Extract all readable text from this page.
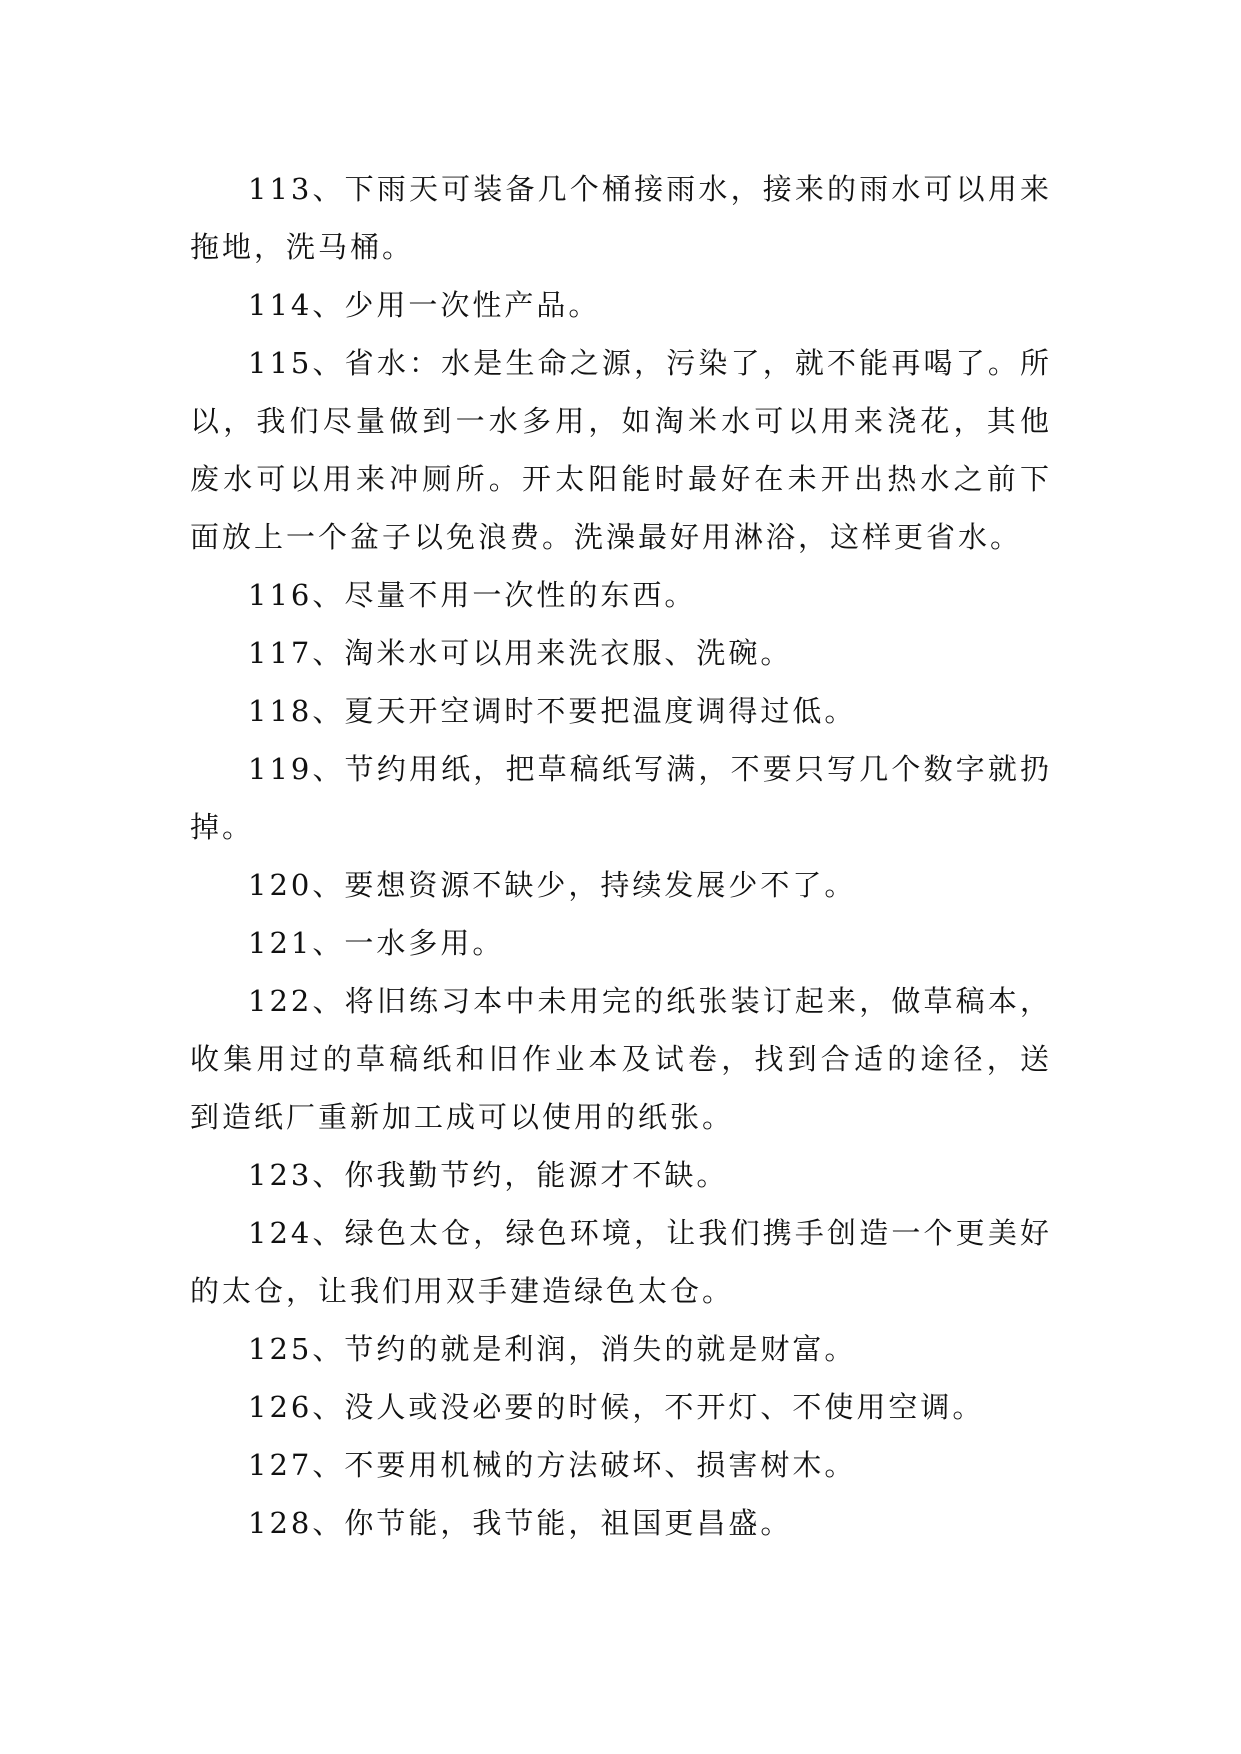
113、下雨天可装备几个桶接雨水，接来的雨水可以用来拖地，洗马桶。

114、少用一次性产品。

115、省水：水是生命之源，污染了，就不能再喝了。所以，我们尽量做到一水多用，如淘米水可以用来浇花，其他废水可以用来冲厕所。开太阳能时最好在未开出热水之前下面放上一个盆子以免浪费。洗澡最好用淋浴，这样更省水。

116、尽量不用一次性的东西。

117、淘米水可以用来洗衣服、洗碗。

118、夏天开空调时不要把温度调得过低。

119、节约用纸，把草稿纸写满，不要只写几个数字就扔掉。

120、要想资源不缺少，持续发展少不了。

121、一水多用。

122、将旧练习本中未用完的纸张装订起来，做草稿本，收集用过的草稿纸和旧作业本及试卷，找到合适的途径，送到造纸厂重新加工成可以使用的纸张。

123、你我勤节约，能源才不缺。

124、绿色太仓，绿色环境，让我们携手创造一个更美好的太仓，让我们用双手建造绿色太仓。

125、节约的就是利润，消失的就是财富。

126、没人或没必要的时候，不开灯、不使用空调。

127、不要用机械的方法破坏、损害树木。

128、你节能，我节能，祖国更昌盛。
